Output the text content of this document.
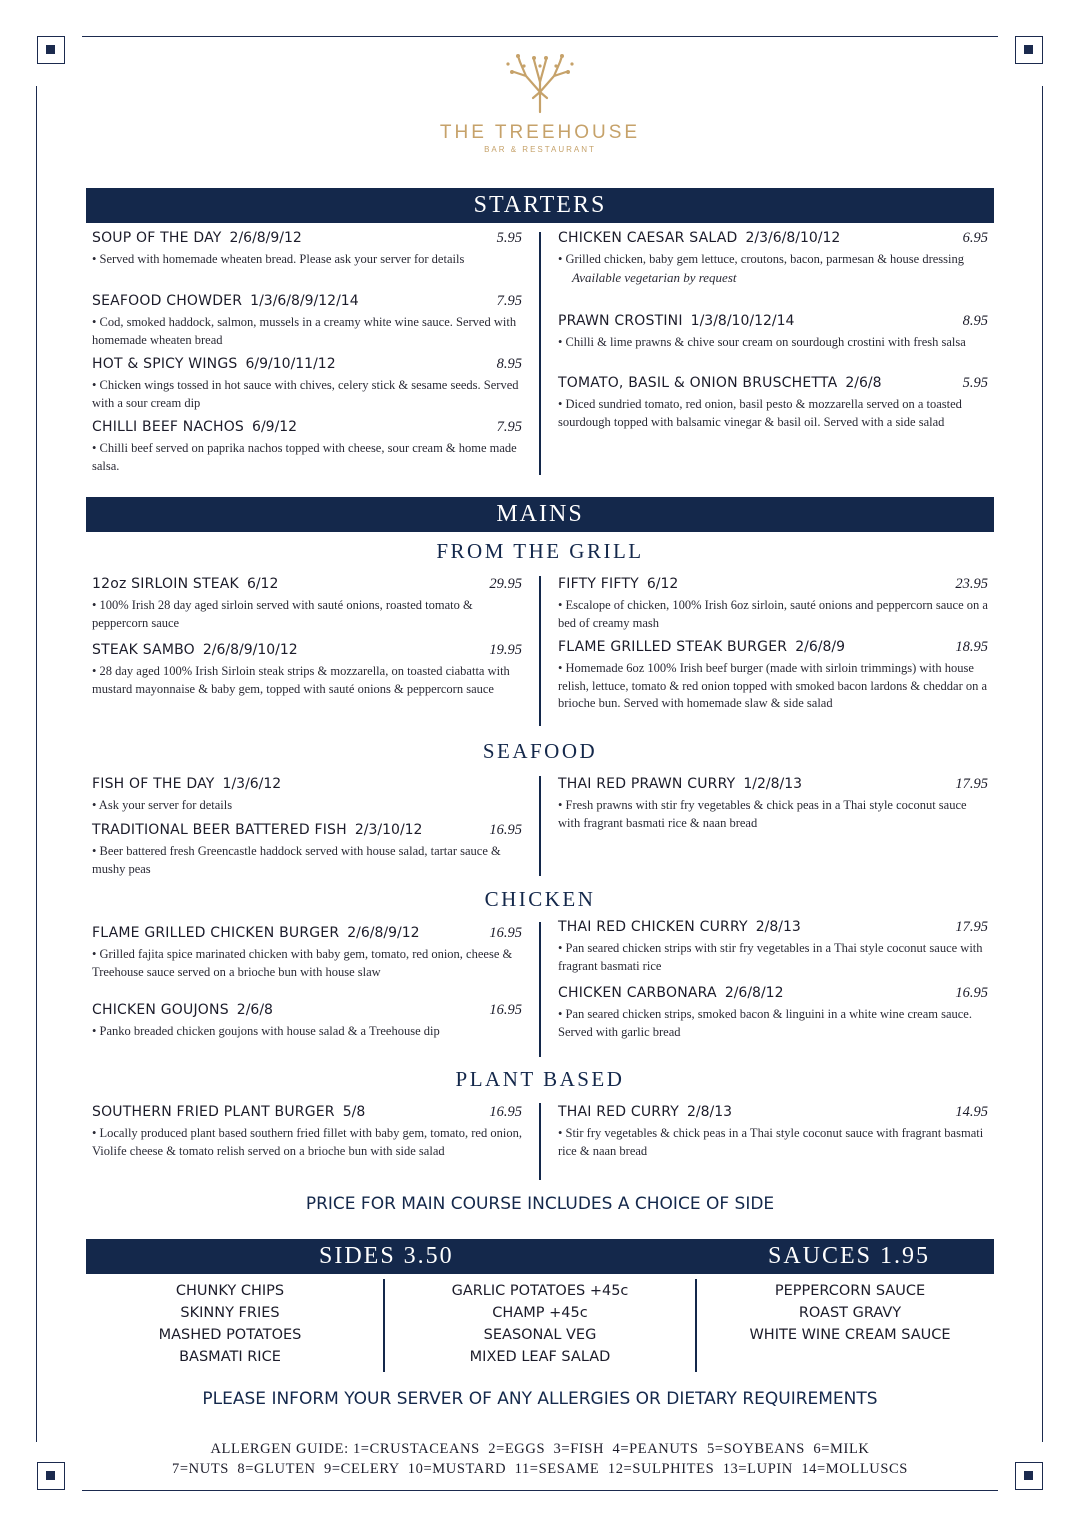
THE TREEHOUSE
BAR & RESTAURANT
STARTERS
SOUP OF THE DAY 2/6/8/9/12	5.95
• Served with homemade wheaten bread. Please ask your server for details
SEAFOOD CHOWDER 1/3/6/8/9/12/14	7.95
• Cod, smoked haddock, salmon, mussels in a creamy white wine sauce. Served with homemade wheaten bread
HOT & SPICY WINGS 6/9/10/11/12	8.95
• Chicken wings tossed in hot sauce with chives, celery stick & sesame seeds. Served with a sour cream dip
CHILLI BEEF NACHOS 6/9/12	7.95
• Chilli beef served on paprika nachos topped with cheese, sour cream & home made salsa.
CHICKEN CAESAR SALAD 2/3/6/8/10/12	6.95
• Grilled chicken, baby gem lettuce, croutons, bacon, parmesan & house dressing
Available vegetarian by request
PRAWN CROSTINI 1/3/8/10/12/14	8.95
• Chilli & lime prawns & chive sour cream on sourdough crostini with fresh salsa
TOMATO, BASIL & ONION BRUSCHETTA 2/6/8	5.95
• Diced sundried tomato, red onion, basil pesto & mozzarella served on a toasted sourdough topped with balsamic vinegar & basil oil. Served with a side salad
MAINS
FROM THE GRILL
12oz SIRLOIN STEAK 6/12	29.95
• 100% Irish 28 day aged sirloin served with sauté onions, roasted tomato & peppercorn sauce
STEAK SAMBO 2/6/8/9/10/12	19.95
• 28 day aged 100% Irish Sirloin steak strips & mozzarella, on toasted ciabatta with mustard mayonnaise & baby gem, topped with sauté onions & peppercorn sauce
FIFTY FIFTY 6/12	23.95
• Escalope of chicken, 100% Irish 6oz sirloin, sauté onions and peppercorn sauce on a bed of creamy mash
FLAME GRILLED STEAK BURGER 2/6/8/9	18.95
• Homemade 6oz 100% Irish beef burger (made with sirloin trimmings) with house relish, lettuce, tomato & red onion topped with smoked bacon lardons & cheddar on a brioche bun. Served with homemade slaw & side salad
SEAFOOD
FISH OF THE DAY 1/3/6/12
• Ask your server for details
TRADITIONAL BEER BATTERED FISH 2/3/10/12	16.95
• Beer battered fresh Greencastle haddock served with house salad, tartar sauce & mushy peas
THAI RED PRAWN CURRY 1/2/8/13	17.95
• Fresh prawns with stir fry vegetables & chick peas in a Thai style coconut sauce with fragrant basmati rice & naan bread
CHICKEN
FLAME GRILLED CHICKEN BURGER 2/6/8/9/12	16.95
• Grilled fajita spice marinated chicken with baby gem, tomato, red onion, cheese & Treehouse sauce served on a brioche bun with house slaw
CHICKEN GOUJONS 2/6/8	16.95
• Panko breaded chicken goujons with house salad & a Treehouse dip
THAI RED CHICKEN CURRY 2/8/13	17.95
• Pan seared chicken strips with stir fry vegetables in a Thai style coconut sauce with fragrant basmati rice
CHICKEN CARBONARA 2/6/8/12	16.95
• Pan seared chicken strips, smoked bacon & linguini in a white wine cream sauce. Served with garlic bread
PLANT BASED
SOUTHERN FRIED PLANT BURGER 5/8	16.95
• Locally produced plant based southern fried fillet with baby gem, tomato, red onion, Violife cheese & tomato relish served on a brioche bun with side salad
THAI RED CURRY 2/8/13	14.95
• Stir fry vegetables & chick peas in a Thai style coconut sauce with fragrant basmati rice & naan bread
PRICE FOR MAIN COURSE INCLUDES A CHOICE OF SIDE
SIDES 3.50	SAUCES 1.95
CHUNKY CHIPS
SKINNY FRIES
MASHED POTATOES
BASMATI RICE
GARLIC POTATOES +45c
CHAMP +45c
SEASONAL VEG
MIXED LEAF SALAD
PEPPERCORN SAUCE
ROAST GRAVY
WHITE WINE CREAM SAUCE
PLEASE INFORM YOUR SERVER OF ANY ALLERGIES OR DIETARY REQUIREMENTS
ALLERGEN GUIDE: 1=CRUSTACEANS  2=EGGS  3=FISH  4=PEANUTS  5=SOYBEANS  6=MILK
7=NUTS  8=GLUTEN  9=CELERY  10=MUSTARD  11=SESAME  12=SULPHITES  13=LUPIN  14=MOLLUSCS
